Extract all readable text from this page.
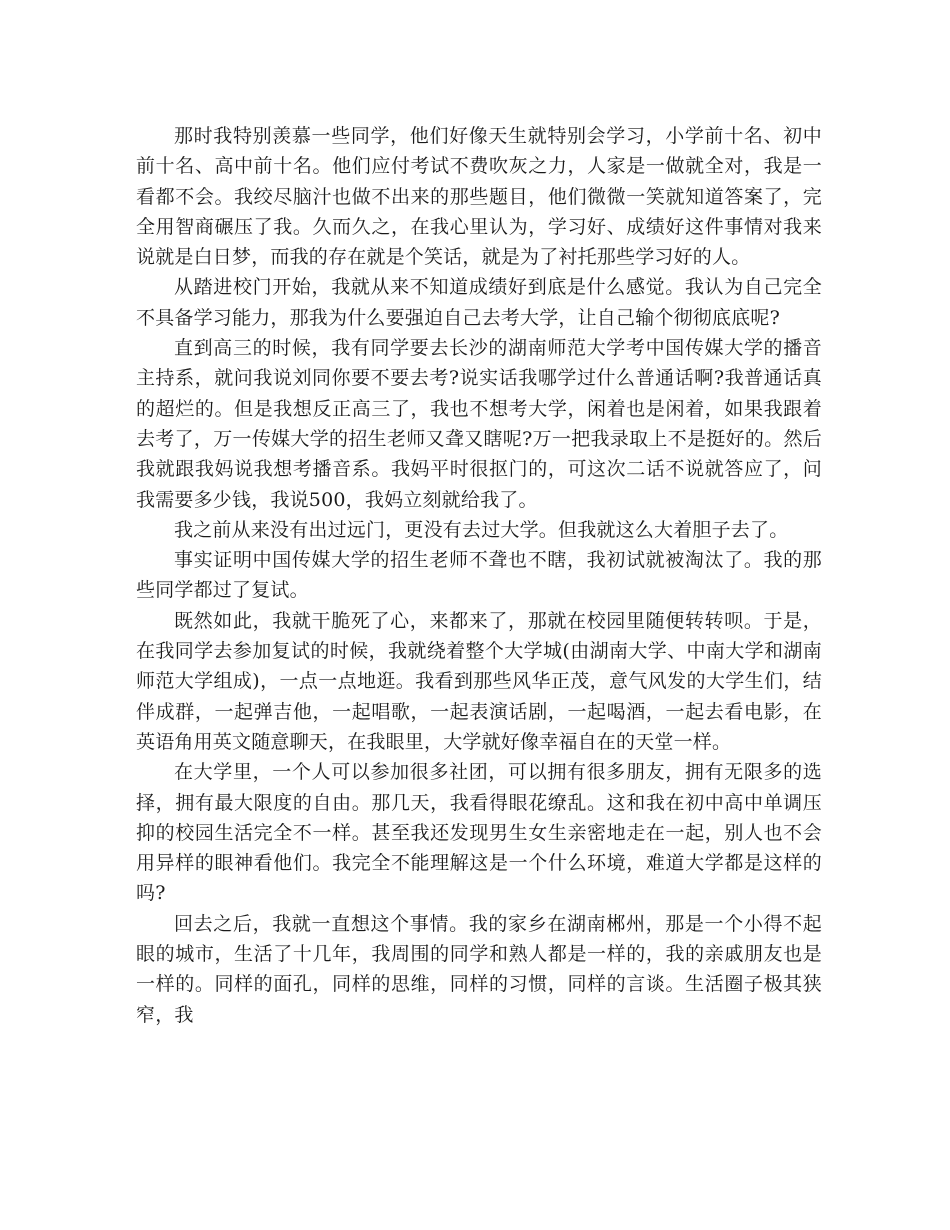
那时我特别羡慕一些同学，他们好像天生就特别会学习，小学前十名、初中前十名、高中前十名。他们应付考试不费吹灰之力，人家是一做就全对，我是一看都不会。我绞尽脑汁也做不出来的那些题目，他们微微一笑就知道答案了，完全用智商碾压了我。久而久之，在我心里认为，学习好、成绩好这件事情对我来说就是白日梦，而我的存在就是个笑话，就是为了衬托那些学习好的人。

从踏进校门开始，我就从来不知道成绩好到底是什么感觉。我认为自己完全不具备学习能力，那我为什么要强迫自己去考大学，让自己输个彻彻底底呢?

直到高三的时候，我有同学要去长沙的湖南师范大学考中国传媒大学的播音主持系，就问我说刘同你要不要去考?说实话我哪学过什么普通话啊?我普通话真的超烂的。但是我想反正高三了，我也不想考大学，闲着也是闲着，如果我跟着去考了，万一传媒大学的招生老师又聋又瞎呢?万一把我录取上不是挺好的。然后我就跟我妈说我想考播音系。我妈平时很抠门的，可这次二话不说就答应了，问我需要多少钱，我说500，我妈立刻就给我了。

我之前从来没有出过远门，更没有去过大学。但我就这么大着胆子去了。

事实证明中国传媒大学的招生老师不聋也不瞎，我初试就被淘汰了。我的那些同学都过了复试。

既然如此，我就干脆死了心，来都来了，那就在校园里随便转转呗。于是，在我同学去参加复试的时候，我就绕着整个大学城(由湖南大学、中南大学和湖南师范大学组成)，一点一点地逛。我看到那些风华正茂，意气风发的大学生们，结伴成群，一起弹吉他，一起唱歌，一起表演话剧，一起喝酒，一起去看电影，在英语角用英文随意聊天，在我眼里，大学就好像幸福自在的天堂一样。

在大学里，一个人可以参加很多社团，可以拥有很多朋友，拥有无限多的选择，拥有最大限度的自由。那几天，我看得眼花缭乱。这和我在初中高中单调压抑的校园生活完全不一样。甚至我还发现男生女生亲密地走在一起，别人也不会用异样的眼神看他们。我完全不能理解这是一个什么环境，难道大学都是这样的吗?

回去之后，我就一直想这个事情。我的家乡在湖南郴州，那是一个小得不起眼的城市，生活了十几年，我周围的同学和熟人都是一样的，我的亲戚朋友也是一样的。同样的面孔，同样的思维，同样的习惯，同样的言谈。生活圈子极其狭窄，我
